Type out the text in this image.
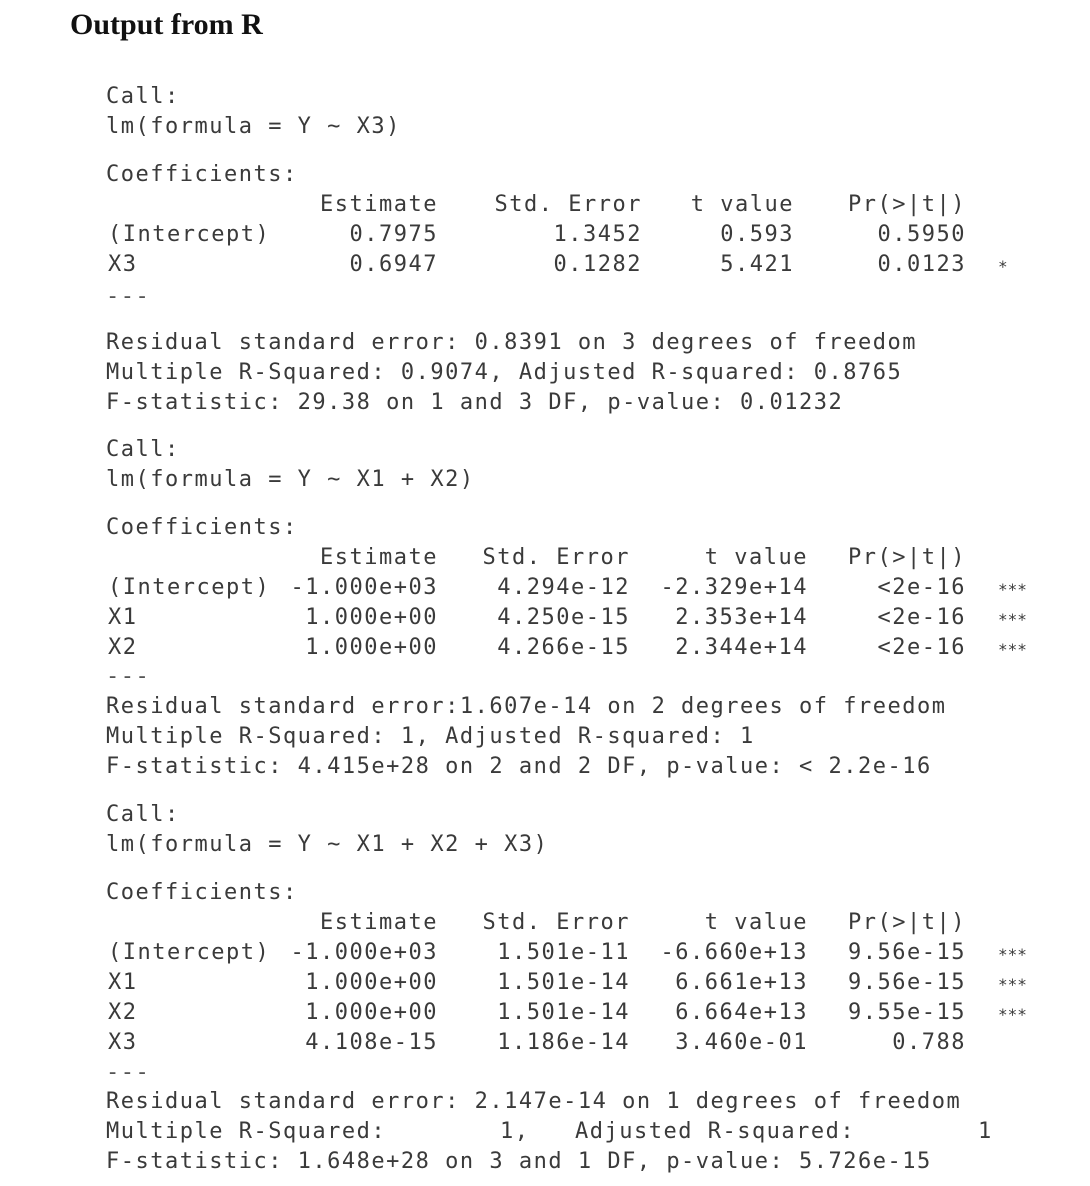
Output from R
Call:
lm(formula = Y ~ X3)
Coefficients:
Estimate	Std. Error	t value	Pr(>|t|)
(Intercept)	0.7975	1.3452	0.593	0.5950
X3	0.6947	0.1282	5.421	0.0123 *
---
Residual standard error: 0.8391 on 3 degrees of freedom
Multiple R-Squared: 0.9074, Adjusted R-squared: 0.8765
F-statistic: 29.38 on 1 and 3 DF, p-value: 0.01232
Call:
lm(formula = Y ~ X1 + X2)
Coefficients:
Estimate	Std. Error	t value	Pr(>|t|)
(Intercept) -1.000e+03	4.294e-12	-2.329e+14	<2e-16 ***
X1	1.000e+00	4.250e-15	2.353e+14	<2e-16 ***
X2	1.000e+00	4.266e-15	2.344e+14	<2e-16 ***
---
Residual standard error:1.607e-14 on 2 degrees of freedom
Multiple R-Squared: 1, Adjusted R-squared: 1
F-statistic: 4.415e+28 on 2 and 2 DF, p-value: < 2.2e-16
Call:
lm(formula = Y ~ X1 + X2 + X3)
Coefficients:
Estimate	Std. Error	t value	Pr(>|t|)
(Intercept) -1.000e+03	1.501e-11	-6.660e+13	9.56e-15 ***
X1	1.000e+00	1.501e-14	6.661e+13	9.56e-15 ***
X2	1.000e+00	1.501e-14	6.664e+13	9.55e-15 ***
X3	4.108e-15	1.186e-14	3.460e-01	0.788
---
Residual standard error: 2.147e-14 on 1 degrees of freedom
Multiple R-Squared:	1, Adjusted R-squared:	1
F-statistic: 1.648e+28 on 3 and 1 DF, p-value: 5.726e-15
